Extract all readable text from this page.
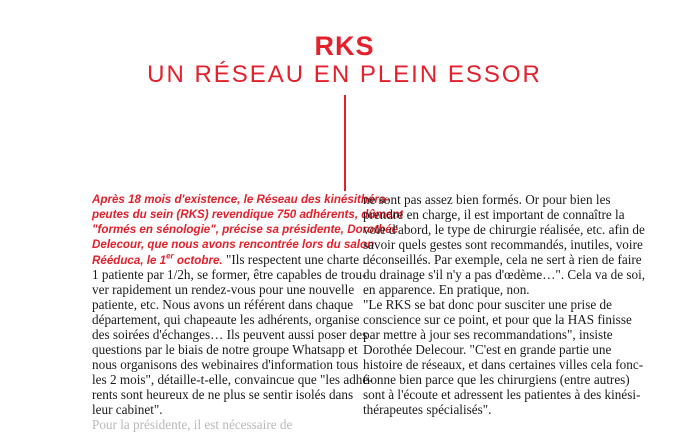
RKS
UN RÉSEAU EN PLEIN ESSOR
Après 18 mois d'existence, le Réseau des kinésithéra-
peutes du sein (RKS) revendique 750 adhérents, dûment
"formés en sénologie", précise sa présidente, Dorothée
Delecour, que nous avons rencontrée lors du salon
Rééduca, le 1er octobre. "Ils respectent une charte :
1 patiente par 1/2h, se former, être capables de trou-
ver rapidement un rendez-vous pour une nouvelle
patiente, etc. Nous avons un référent dans chaque
département, qui chapeaute les adhérents, organise
des soirées d'échanges… Ils peuvent aussi poser des
questions par le biais de notre groupe Whatsapp et
nous organisons des webinaires d'information tous
les 2 mois", détaille-t-elle, convaincue que "les adhé-
rents sont heureux de ne plus se sentir isolés dans
leur cabinet".
Pour la présidente, il est nécessaire de
ne sont pas assez bien formés. Or pour bien les
prendre en charge, il est important de connaître la
voie d'abord, le type de chirurgie réalisée, etc. afin de
savoir quels gestes sont recommandés, inutiles, voire
déconseillés. Par exemple, cela ne sert à rien de faire
du drainage s'il n'y a pas d'œdème…". Cela va de soi,
en apparence. En pratique, non.
"Le RKS se bat donc pour susciter une prise de
conscience sur ce point, et pour que la HAS finisse
par mettre à jour ses recommandations", insiste
Dorothée Delecour. "C'est en grande partie une
histoire de réseaux, et dans certaines villes cela fonc-
tionne bien parce que les chirurgiens (entre autres)
sont à l'écoute et adressent les patientes à des kinési-
thérapeutes spécialisés".
